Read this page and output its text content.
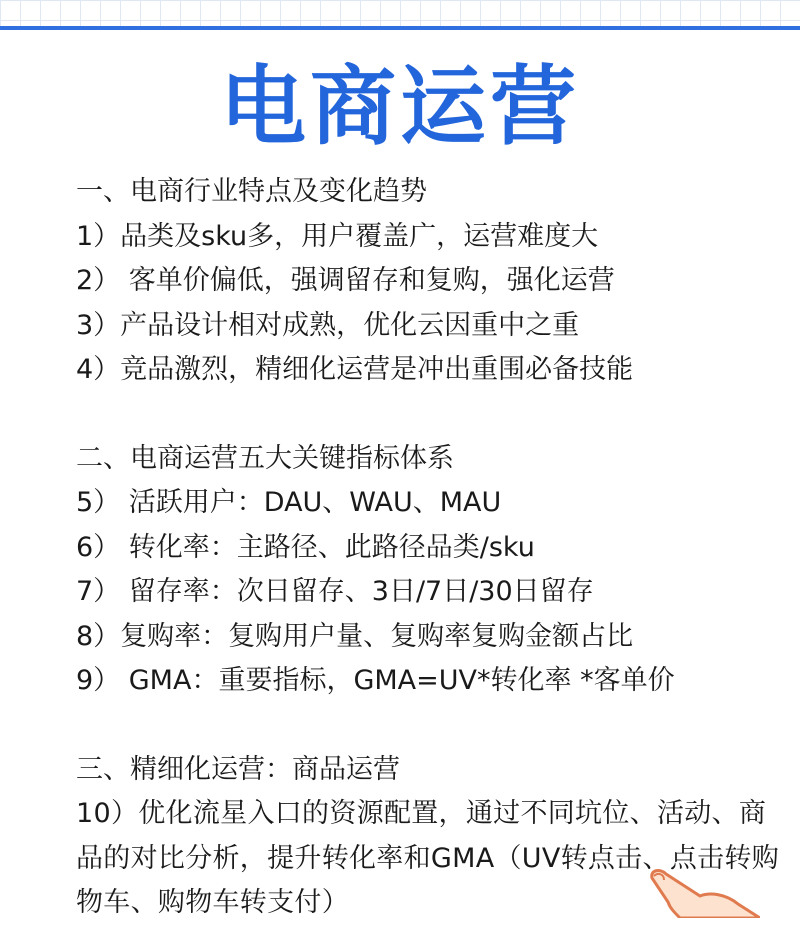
电商运营
一、电商行业特点及变化趋势
1）品类及sku多，用户覆盖广，运营难度大
2） 客单价偏低，强调留存和复购，强化运营
3）产品设计相对成熟，优化云因重中之重
4）竞品激烈，精细化运营是冲出重围必备技能
二、电商运营五大关键指标体系
5） 活跃用户：DAU、WAU、MAU
6） 转化率：主路径、此路径品类/sku
7） 留存率：次日留存、3日/7日/30日留存
8）复购率：复购用户量、复购率复购金额占比
9） GMA：重要指标，GMA=UV*转化率 *客单价
三、精细化运营：商品运营
10）优化流星入口的资源配置，通过不同坑位、活动、商品的对比分析，提升转化率和GMA（UV转点击、点击转购物车、购物车转支付）
